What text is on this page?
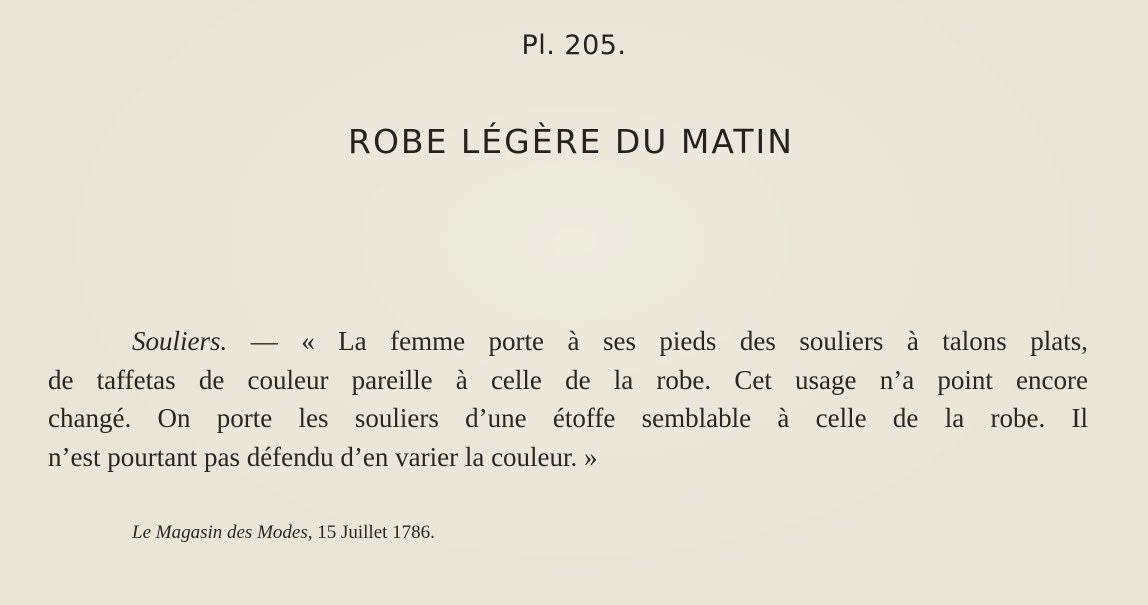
Pl. 205.
ROBE LÉGÈRE DU MATIN
Souliers. — « La femme porte à ses pieds des souliers à talons plats,
de taffetas de couleur pareille à celle de la robe. Cet usage n’a point encore
changé. On porte les souliers d’une étoffe semblable à celle de la robe. Il
n’est pourtant pas défendu d’en varier la couleur. »
Le Magasin des Modes, 15 Juillet 1786.
